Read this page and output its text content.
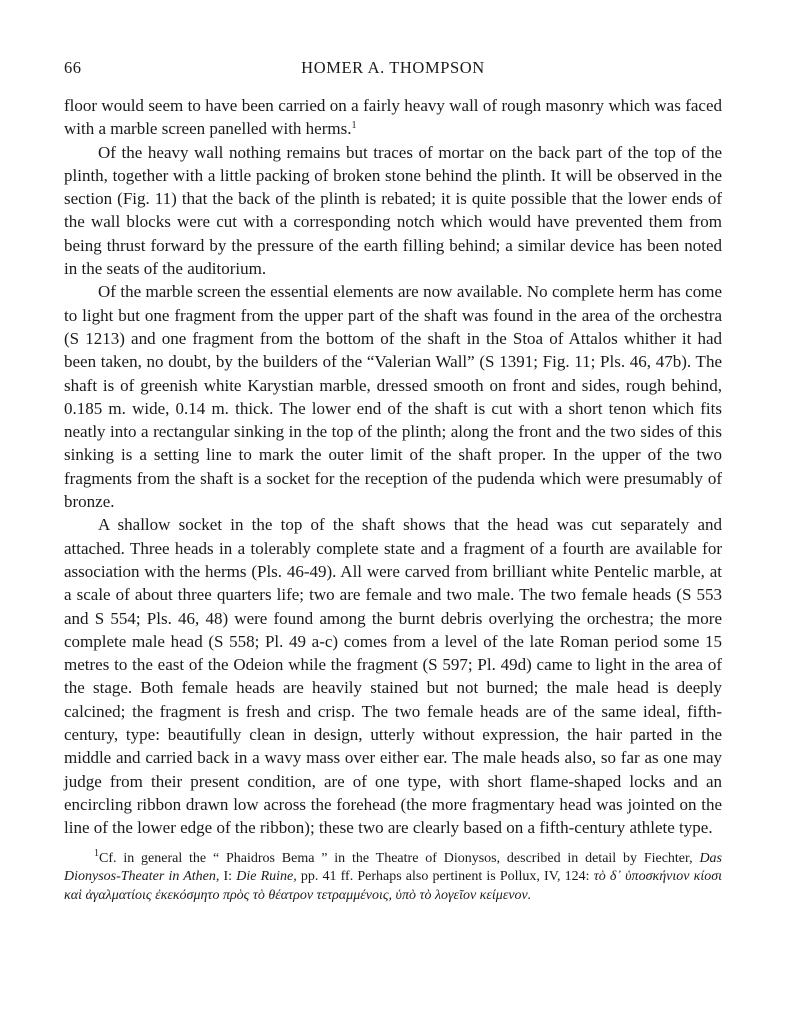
66	HOMER A. THOMPSON

floor would seem to have been carried on a fairly heavy wall of rough masonry which was faced with a marble screen panelled with herms.$^1$

Of the heavy wall nothing remains but traces of mortar on the back part of the top of the plinth, together with a little packing of broken stone behind the plinth. It will be observed in the section (Fig. 11) that the back of the plinth is rebated; it is quite possible that the lower ends of the wall blocks were cut with a corresponding notch which would have prevented them from being thrust forward by the pressure of the earth filling behind; a similar device has been noted in the seats of the auditorium.

Of the marble screen the essential elements are now available. No complete herm has come to light but one fragment from the upper part of the shaft was found in the area of the orchestra (S 1213) and one fragment from the bottom of the shaft in the Stoa of Attalos whither it had been taken, no doubt, by the builders of the “Valerian Wall” (S 1391; Fig. 11; Pls. 46, 47b). The shaft is of greenish white Karystian marble, dressed smooth on front and sides, rough behind, 0.185 m. wide, 0.14 m. thick. The lower end of the shaft is cut with a short tenon which fits neatly into a rectangular sinking in the top of the plinth; along the front and the two sides of this sinking is a setting line to mark the outer limit of the shaft proper. In the upper of the two fragments from the shaft is a socket for the reception of the pudenda which were presumably of bronze.

A shallow socket in the top of the shaft shows that the head was cut separately and attached. Three heads in a tolerably complete state and a fragment of a fourth are available for association with the herms (Pls. 46-49). All were carved from brilliant white Pentelic marble, at a scale of about three quarters life; two are female and two male. The two female heads (S 553 and S 554; Pls. 46, 48) were found among the burnt debris overlying the orchestra; the more complete male head (S 558; Pl. 49 a-c) comes from a level of the late Roman period some 15 metres to the east of the Odeion while the fragment (S 597; Pl. 49d) came to light in the area of the stage. Both female heads are heavily stained but not burned; the male head is deeply calcined; the fragment is fresh and crisp. The two female heads are of the same ideal, fifth-century, type: beautifully clean in design, utterly without expression, the hair parted in the middle and carried back in a wavy mass over either ear. The male heads also, so far as one may judge from their present condition, are of one type, with short flame-shaped locks and an encircling ribbon drawn low across the forehead (the more fragmentary head was jointed on the line of the lower edge of the ribbon); these two are clearly based on a fifth-century athlete type.

$^1$Cf. in general the “ Phaidros Bema ” in the Theatre of Dionysos, described in detail by Fiechter, Das Dionysos-Theater in Athen, I: Die Ruine, pp. 41 ff. Perhaps also pertinent is Pollux, IV, 124: τὸ δ᾽ ὑποσκήνιον κίοσι καὶ ἀγαλματίοις ἐκεκόσμητο πρὸς τὸ θέατρον τετραμμένοις, ὑπὸ τὸ λογεῖον κείμενον.
